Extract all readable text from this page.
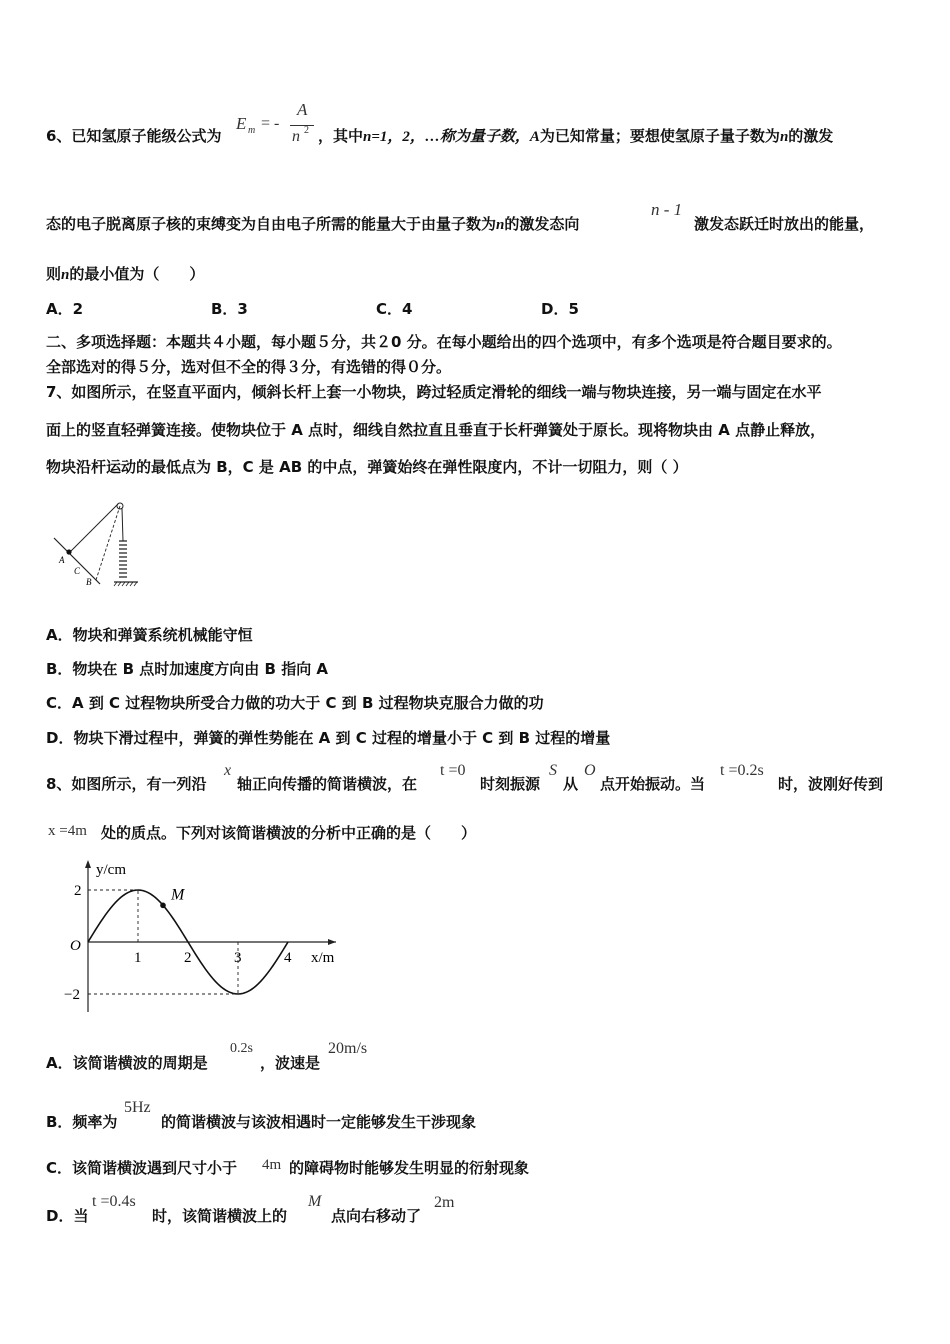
6、已知氢原子能级公式为
E m = -
A
n 2 ，其中n=1，2，…称为量子数，A为已知常量；要想使氢原子量子数为n的激发
态的电子脱离原子核的束缚变为自由电子所需的能量大于由量子数为n的激发态向
n - 1
激发态跃迁时放出的能量，
则n的最小值为（　　）
A．2	B．3	C．4	D．5
二、多项选择题：本题共４小题，每小题５分，共２0 分。在每小题给出的四个选项中，有多个选项是符合题目要求的。
全部选对的得５分，选对但不全的得３分，有选错的得０分。
7、如图所示，在竖直平面内，倾斜长杆上套一小物块，跨过轻质定滑轮的细线一端与物块连接，另一端与固定在水平
面上的竖直轻弹簧连接。使物块位于 A 点时，细线自然拉直且垂直于长杆弹簧处于原长。现将物块由 A 点静止释放，
物块沿杆运动的最低点为 B，C 是 AB 的中点，弹簧始终在弹性限度内，不计一切阻力，则（ ）
A
C
B
A．物块和弹簧系统机械能守恒
B．物块在 B 点时加速度方向由 B 指向 A
C．A 到 C 过程物块所受合力做的功大于 C 到 B 过程物块克服合力做的功
D．物块下滑过程中，弹簧的弹性势能在 A 到 C 过程的增量小于 C 到 B 过程的增量
8、如图所示，有一列沿
x
轴正向传播的简谐横波，在
t =0
时刻振源
S
从
O
点开始振动。当
t =0.2s
时，波刚好传到
x =4m 处的质点。下列对该简谐横波的分析中正确的是（　　）
y/cm
x/m
O
1	2	3	4
2
−2
M
A．该简谐横波的周期是
0.2s
，波速是
20m/s
B．频率为
5Hz
的简谐横波与该波相遇时一定能够发生干涉现象
C．该简谐横波遇到尺寸小于 4m 的障碍物时能够发生明显的衍射现象
D．当
t =0.4s
时，该简谐横波上的
M
点向右移动了
2m
